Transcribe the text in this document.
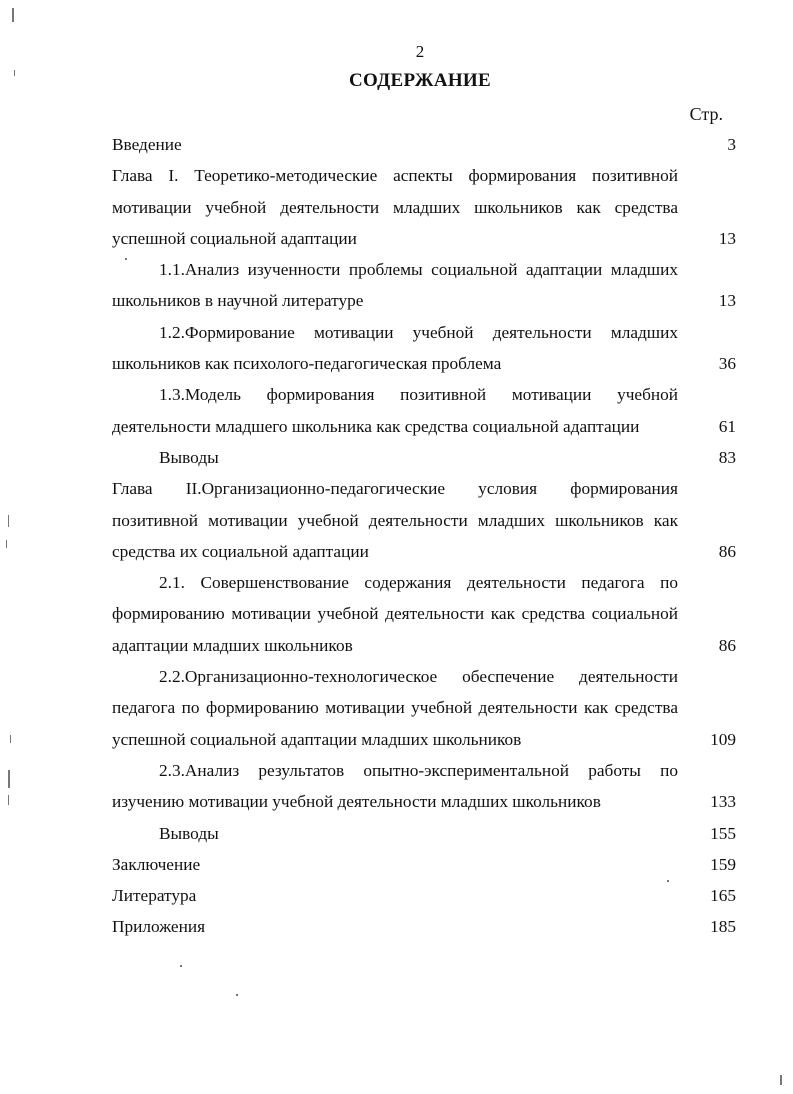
2
СОДЕРЖАНИЕ
Стр.
Введение	3
Глава I. Теоретико-методические аспекты формирования позитивной мотивации учебной деятельности младших школьников как средства успешной социальной адаптации	13
1.1.Анализ изученности проблемы социальной адаптации младших школьников в научной литературе	13
1.2.Формирование мотивации учебной деятельности младших школьников как психолого-педагогическая проблема	36
1.3.Модель формирования позитивной мотивации учебной деятельности младшего школьника как средства социальной адаптации	61
Выводы	83
Глава II.Организационно-педагогические условия формирования позитивной мотивации учебной деятельности младших школьников как средства их социальной адаптации	86
2.1. Совершенствование содержания деятельности педагога по формированию мотивации учебной деятельности как средства социальной адаптации младших школьников	86
2.2.Организационно-технологическое обеспечение деятельности педагога по формированию мотивации учебной деятельности как средства успешной социальной адаптации младших школьников	109
2.3.Анализ результатов опытно-экспериментальной работы по изучению мотивации учебной деятельности младших школьников	133
Выводы	155
Заключение	159
Литература	165
Приложения	185
